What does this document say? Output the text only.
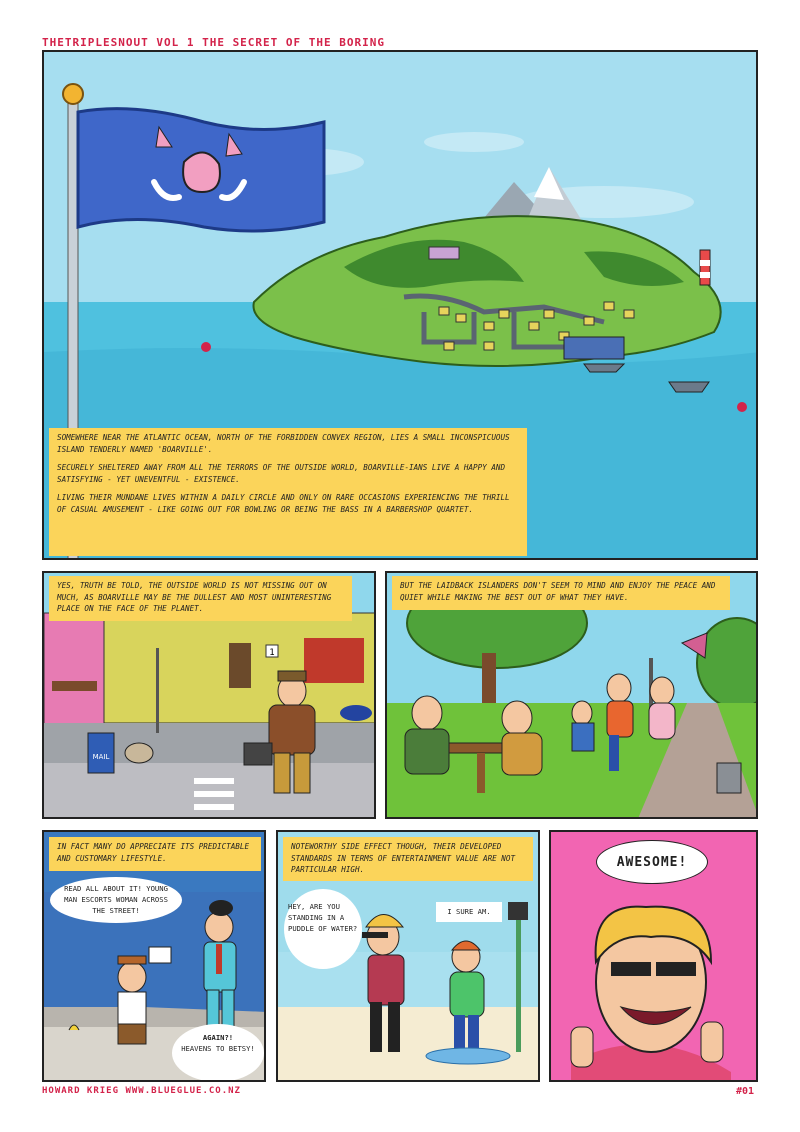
THETRIPLESNOUT VOL 1 THE SECRET OF THE BORING

SOMEWHERE NEAR THE ATLANTIC OCEAN, NORTH OF THE FORBIDDEN CONVEX REGION, LIES A SMALL INCONSPICUOUS ISLAND TENDERLY NAMED 'BOARVILLE'.

SECURELY SHELTERED AWAY FROM ALL THE TERRORS OF THE OUTSIDE WORLD, BOARVILLE-IANS LIVE A HAPPY AND SATISFYING - YET UNEVENTFUL - EXISTENCE.

LIVING THEIR MUNDANE LIVES WITHIN A DAILY CIRCLE AND ONLY ON RARE OCCASIONS EXPERIENCING THE THRILL OF CASUAL AMUSEMENT - LIKE GOING OUT FOR BOWLING OR BEING THE BASS IN A BARBERSHOP QUARTET.

1
MAIL
YES, TRUTH BE TOLD, THE OUTSIDE WORLD IS NOT MISSING OUT ON MUCH, AS BOARVILLE MAY BE THE DULLEST AND MOST UNINTERESTING PLACE ON THE FACE OF THE PLANET.
BUT THE LAIDBACK ISLANDERS DON'T SEEM TO MIND AND ENJOY THE PEACE AND QUIET WHILE MAKING THE BEST OUT OF WHAT THEY HAVE.
IN FACT MANY DO APPRECIATE ITS PREDICTABLE AND CUSTOMARY LIFESTYLE.
READ ALL ABOUT IT! YOUNG MAN ESCORTS WOMAN ACROSS THE STREET!
AGAIN?!
HEAVENS TO BETSY!
NOTEWORTHY SIDE EFFECT THOUGH, THEIR DEVELOPED STANDARDS IN TERMS OF ENTERTAINMENT VALUE ARE NOT PARTICULAR HIGH.
HEY, ARE YOU STANDING IN A PUDDLE OF WATER?
I SURE AM.
AWESOME!
HOWARD KRIEG WWW.BLUEGLUE.CO.NZ	#01
